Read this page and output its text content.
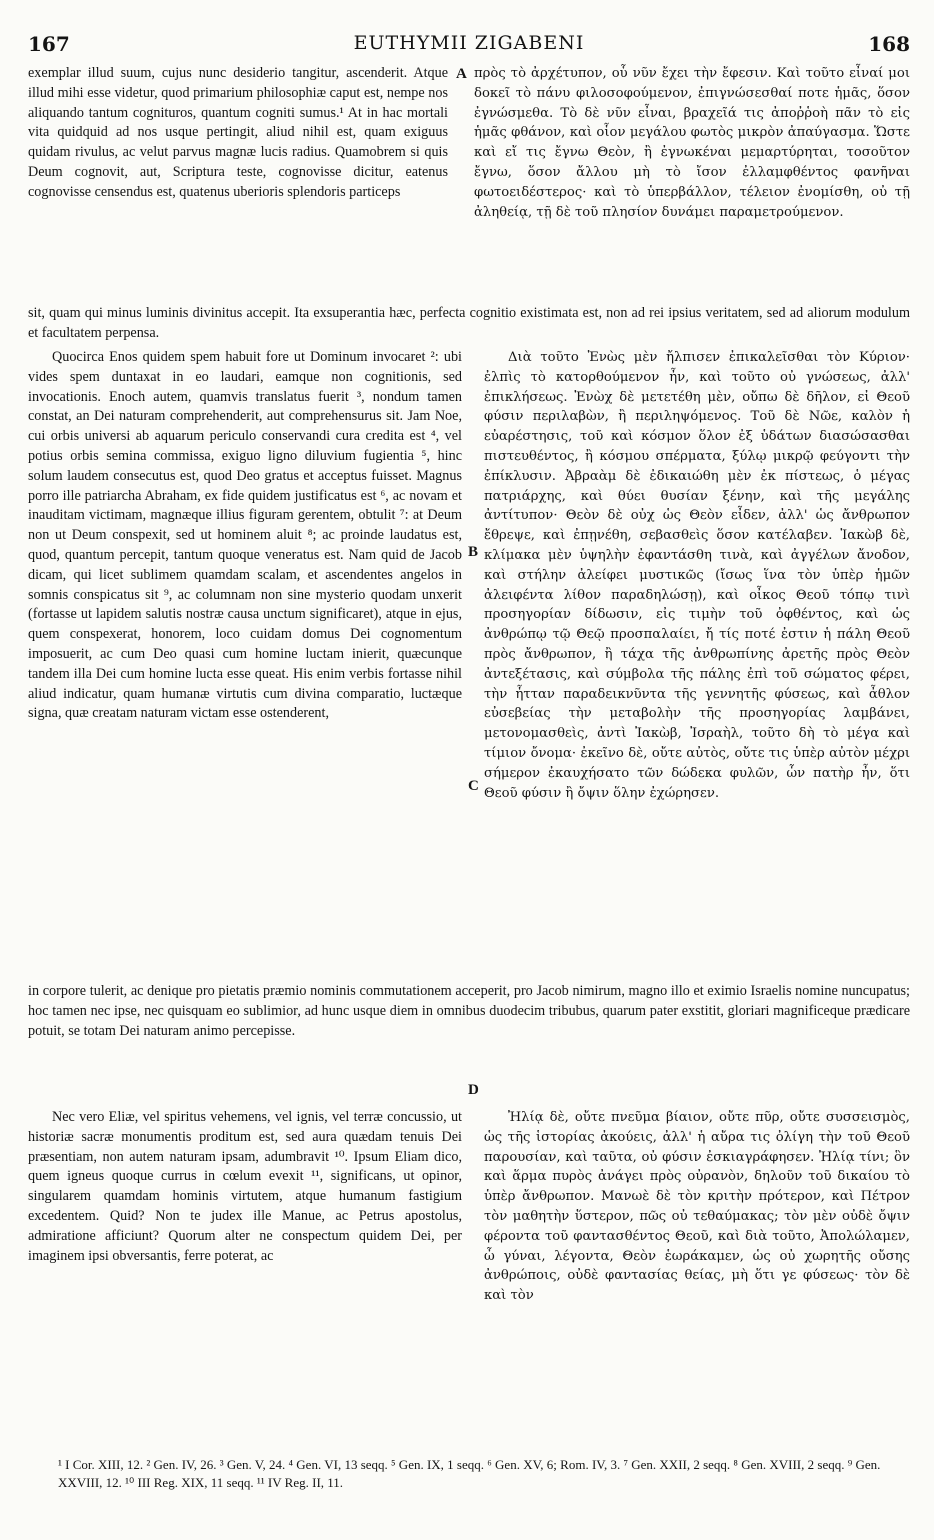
167	EUTHYMII ZIGABENI	168
exemplar illud suum, cujus nunc desiderio tangitur, ascenderit. Atque illud mihi esse videtur, quod primarium philosophiæ caput est, nempe nos aliquando tantum cognituros, quantum cogniti sumus.¹ At in hac mortali vita quidquid ad nos usque pertingit, aliud nihil est, quam exiguus quidam rivulus, ac velut parvus magnæ lucis radius. Quamobrem si quis Deum cognovit, aut, Scriptura teste, cognovisse dicitur, eatenus cognovisse censendus est, quatenus uberioris splendoris particeps
A πρὸς τὸ ἀρχέτυπον, οὗ νῦν ἔχει τὴν ἔφεσιν. Καὶ τοῦτο εἶναί μοι δοκεῖ τὸ πάνυ φιλοσοφούμενον, ἐπιγνώσεσθαί ποτε ἡμᾶς, ὅσον ἐγνώσμεθα. Τὸ δὲ νῦν εἶναι, βραχεῖά τις ἀποῤῥοὴ πᾶν τὸ εἰς ἡμᾶς φθάνον, καὶ οἷον μεγάλου φωτὸς μικρὸν ἀπαύγασμα. Ὥστε καὶ εἴ τις ἔγνω Θεὸν, ἢ ἐγνωκέναι μεμαρτύρηται, τοσοῦτον ἔγνω, ὅσον ἄλλου μὴ τὸ ἴσον ἐλλαμφθέντος φανῆναι φωτοειδέστερος· καὶ τὸ ὑπερβάλλον, τέλειον ἐνομίσθη, οὐ τῇ ἀληθείᾳ, τῇ δὲ τοῦ πλησίον δυνάμει παραμετρούμενον.
sit, quam qui minus luminis divinitus accepit. Ita exsuperantia hæc, perfecta cognitio existimata est, non ad rei ipsius veritatem, sed ad aliorum modulum et facultatem perpensa.
Quocirca Enos quidem spem habuit fore ut Dominum invocaret ²: ubi vides spem duntaxat in eo laudari, eamque non cognitionis, sed invocationis. Enoch autem, quamvis translatus fuerit ³, nondum tamen constat, an Dei naturam comprehenderit, aut comprehensurus sit. Jam Noe, cui orbis universi ab aquarum periculo conservandi cura credita est ⁴, vel potius orbis semina commissa, exiguo ligno diluvium fugientia ⁵, hinc solum laudem consecutus est, quod Deo gratus et acceptus fuisset. Magnus porro ille patriarcha Abraham, ex fide quidem justificatus est ⁶, ac novam et inauditam victimam, magnæque illius figuram gerentem, obtulit ⁷: at Deum non ut Deum conspexit, sed ut hominem aluit ⁸; ac proinde laudatus est, quod, quantum percepit, tantum quoque veneratus est. Nam quid de Jacob dicam, qui licet sublimem quamdam scalam, et ascendentes angelos in somnis conspicatus sit ⁹, ac columnam non sine mysterio quodam unxerit (fortasse ut lapidem salutis nostræ causa unctum significaret), atque in ejus, quem conspexerat, honorem, loco cuidam domus Dei cognomentum imposuerit, ac cum Deo quasi cum homine luctam inierit, quæcunque tandem illa Dei cum homine lucta esse queat. His enim verbis fortasse nihil aliud indicatur, quam humanæ virtutis cum divina comparatio, luctæque signa, quæ creatam naturam victam esse ostenderent,
B
C
Διὰ τοῦτο Ἐνὼς μὲν ἤλπισεν ἐπικαλεῖσθαι τὸν Κύριον· ἐλπὶς τὸ κατορθούμενον ἦν, καὶ τοῦτο οὐ γνώσεως, ἀλλ' ἐπικλήσεως. Ἐνὼχ δὲ μετετέθη μὲν, οὔπω δὲ δῆλον, εἰ Θεοῦ φύσιν περιλαβὼν, ἢ περιληψόμενος. Τοῦ δὲ Νῶε, καλὸν ἡ εὐαρέστησις, τοῦ καὶ κόσμον ὅλον ἐξ ὑδάτων διασώσασθαι πιστευθέντος, ἢ κόσμου σπέρματα, ξύλῳ μικρῷ φεύγοντι τὴν ἐπίκλυσιν. Ἀβραὰμ δὲ ἐδικαιώθη μὲν ἐκ πίστεως, ὁ μέγας πατριάρχης, καὶ θύει θυσίαν ξένην, καὶ τῆς μεγάλης ἀντίτυπον· Θεὸν δὲ οὐχ ὡς Θεὸν εἶδεν, ἀλλ' ὡς ἄνθρωπον ἔθρεψε, καὶ ἐπῃνέθη, σεβασθεὶς ὅσον κατέλαβεν. Ἰακὼβ δὲ, κλίμακα μὲν ὑψηλὴν ἐφαντάσθη τινὰ, καὶ ἀγγέλων ἄνοδον, καὶ στήλην ἀλείφει μυστικῶς (ἴσως ἵνα τὸν ὑπὲρ ἡμῶν ἀλειφέντα λίθον παραδηλώσῃ), καὶ οἶκος Θεοῦ τόπῳ τινὶ προσηγορίαν δίδωσιν, εἰς τιμὴν τοῦ ὀφθέντος, καὶ ὡς ἀνθρώπῳ τῷ Θεῷ προσπαλαίει, ἤ τίς ποτέ ἐστιν ἡ πάλη Θεοῦ πρὸς ἄνθρωπον, ἢ τάχα τῆς ἀνθρωπίνης ἀρετῆς πρὸς Θεὸν ἀντεξέτασις, καὶ σύμβολα τῆς πάλης ἐπὶ τοῦ σώματος φέρει, τὴν ἧτταν παραδεικνῦντα τῆς γεννητῆς φύσεως, καὶ ἆθλον εὐσεβείας τὴν μεταβολὴν τῆς προσηγορίας λαμβάνει, μετονομασθεὶς, ἀντὶ Ἰακὼβ, Ἰσραὴλ, τοῦτο δὴ τὸ μέγα καὶ τίμιον ὄνομα· ἐκεῖνο δὲ, οὔτε αὐτὸς, οὔτε τις ὑπὲρ αὐτὸν μέχρι σήμερον ἐκαυχήσατο τῶν δώδεκα φυλῶν, ὧν πατὴρ ἦν, ὅτι Θεοῦ φύσιν ἢ ὄψιν ὅλην ἐχώρησεν.
in corpore tulerit, ac denique pro pietatis præmio nominis commutationem acceperit, pro Jacob nimirum, magno illo et eximio Israelis nomine nuncupatus; hoc tamen nec ipse, nec quisquam eo sublimior, ad hunc usque diem in omnibus duodecim tribubus, quarum pater exstitit, gloriari magnificeque prædicare potuit, se totam Dei naturam animo percepisse.
D
Nec vero Eliæ, vel spiritus vehemens, vel ignis, vel terræ concussio, ut historiæ sacræ monumentis proditum est, sed aura quædam tenuis Dei præsentiam, non autem naturam ipsam, adumbravit ¹⁰. Ipsum Eliam dico, quem igneus quoque currus in cœlum evexit ¹¹, significans, ut opinor, singularem quamdam hominis virtutem, atque humanum fastigium excedentem. Quid? Non te judex ille Manue, ac Petrus apostolus, admiratione afficiunt? Quorum alter ne conspectum quidem Dei, per imaginem ipsi obversantis, ferre poterat, ac
Ἠλίᾳ δὲ, οὔτε πνεῦμα βίαιον, οὔτε πῦρ, οὔτε συσσεισμὸς, ὡς τῆς ἱστορίας ἀκούεις, ἀλλ' ἡ αὔρα τις ὀλίγη τὴν τοῦ Θεοῦ παρουσίαν, καὶ ταῦτα, οὐ φύσιν ἐσκιαγράφησεν. Ἠλίᾳ τίνι; ὃν καὶ ἅρμα πυρὸς ἀνάγει πρὸς οὐρανὸν, δηλοῦν τοῦ δικαίου τὸ ὑπὲρ ἄνθρωπον. Μανωὲ δὲ τὸν κριτὴν πρότερον, καὶ Πέτρον τὸν μαθητὴν ὕστερον, πῶς οὐ τεθαύμακας; τὸν μὲν οὐδὲ ὄψιν φέροντα τοῦ φαντασθέντος Θεοῦ, καὶ διὰ τοῦτο, Ἀπολώλαμεν, ὦ γύναι, λέγοντα, Θεὸν ἑωράκαμεν, ὡς οὐ χωρητῆς οὔσης ἀνθρώποις, οὐδὲ φαντασίας θείας, μὴ ὅτι γε φύσεως· τὸν δὲ καὶ τὸν
¹ I Cor. XIII, 12. ² Gen. IV, 26. ³ Gen. V, 24. ⁴ Gen. VI, 13 seqq. ⁵ Gen. IX, 1 seqq. ⁶ Gen. XV, 6; Rom. IV, 3. ⁷ Gen. XXII, 2 seqq. ⁸ Gen. XVIII, 2 seqq. ⁹ Gen. XXVIII, 12. ¹⁰ III Reg. XIX, 11 seqq. ¹¹ IV Reg. II, 11.
